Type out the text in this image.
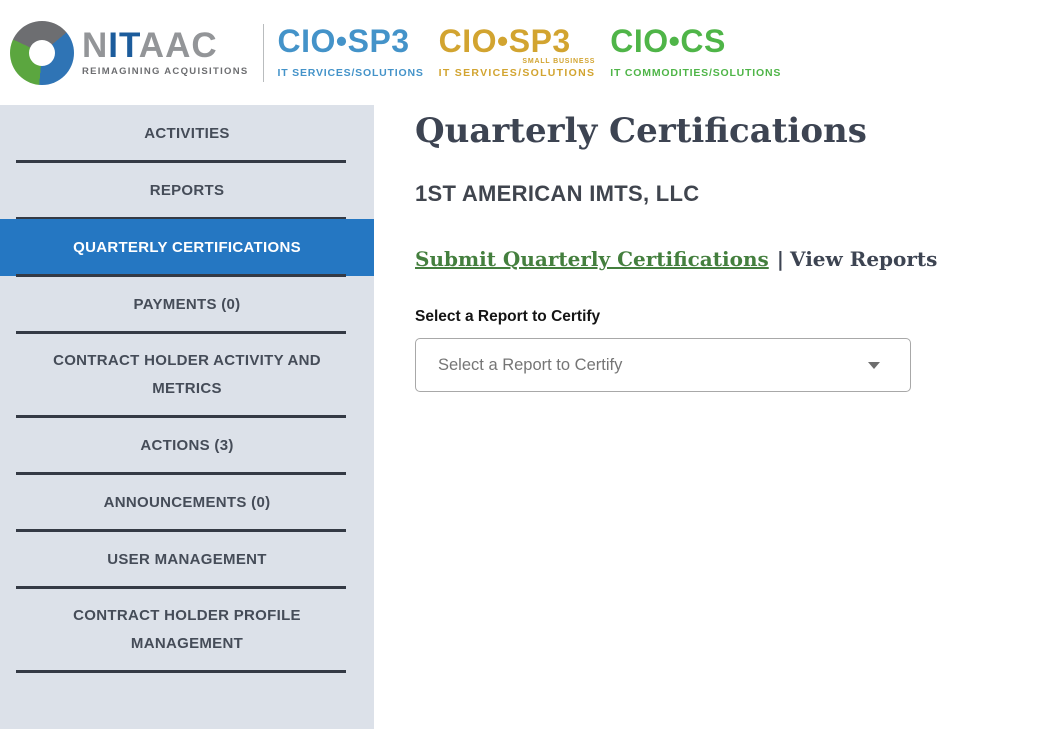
NITAAC
REIMAGINING ACQUISITIONS
CIO•SP3
IT SERVICES/SOLUTIONS
CIO•SP3
SMALL BUSINESS
IT SERVICES/SOLUTIONS
CIO•CS
IT COMMODITIES/SOLUTIONS
ACTIVITIES
REPORTS
QUARTERLY CERTIFICATIONS
PAYMENTS (0)
CONTRACT HOLDER ACTIVITY AND METRICS
ACTIONS (3)
ANNOUNCEMENTS (0)
USER MANAGEMENT
CONTRACT HOLDER PROFILE MANAGEMENT
Quarterly Certifications
1ST AMERICAN IMTS, LLC
Submit Quarterly Certifications | View Reports
Select a Report to Certify
Select a Report to Certify
